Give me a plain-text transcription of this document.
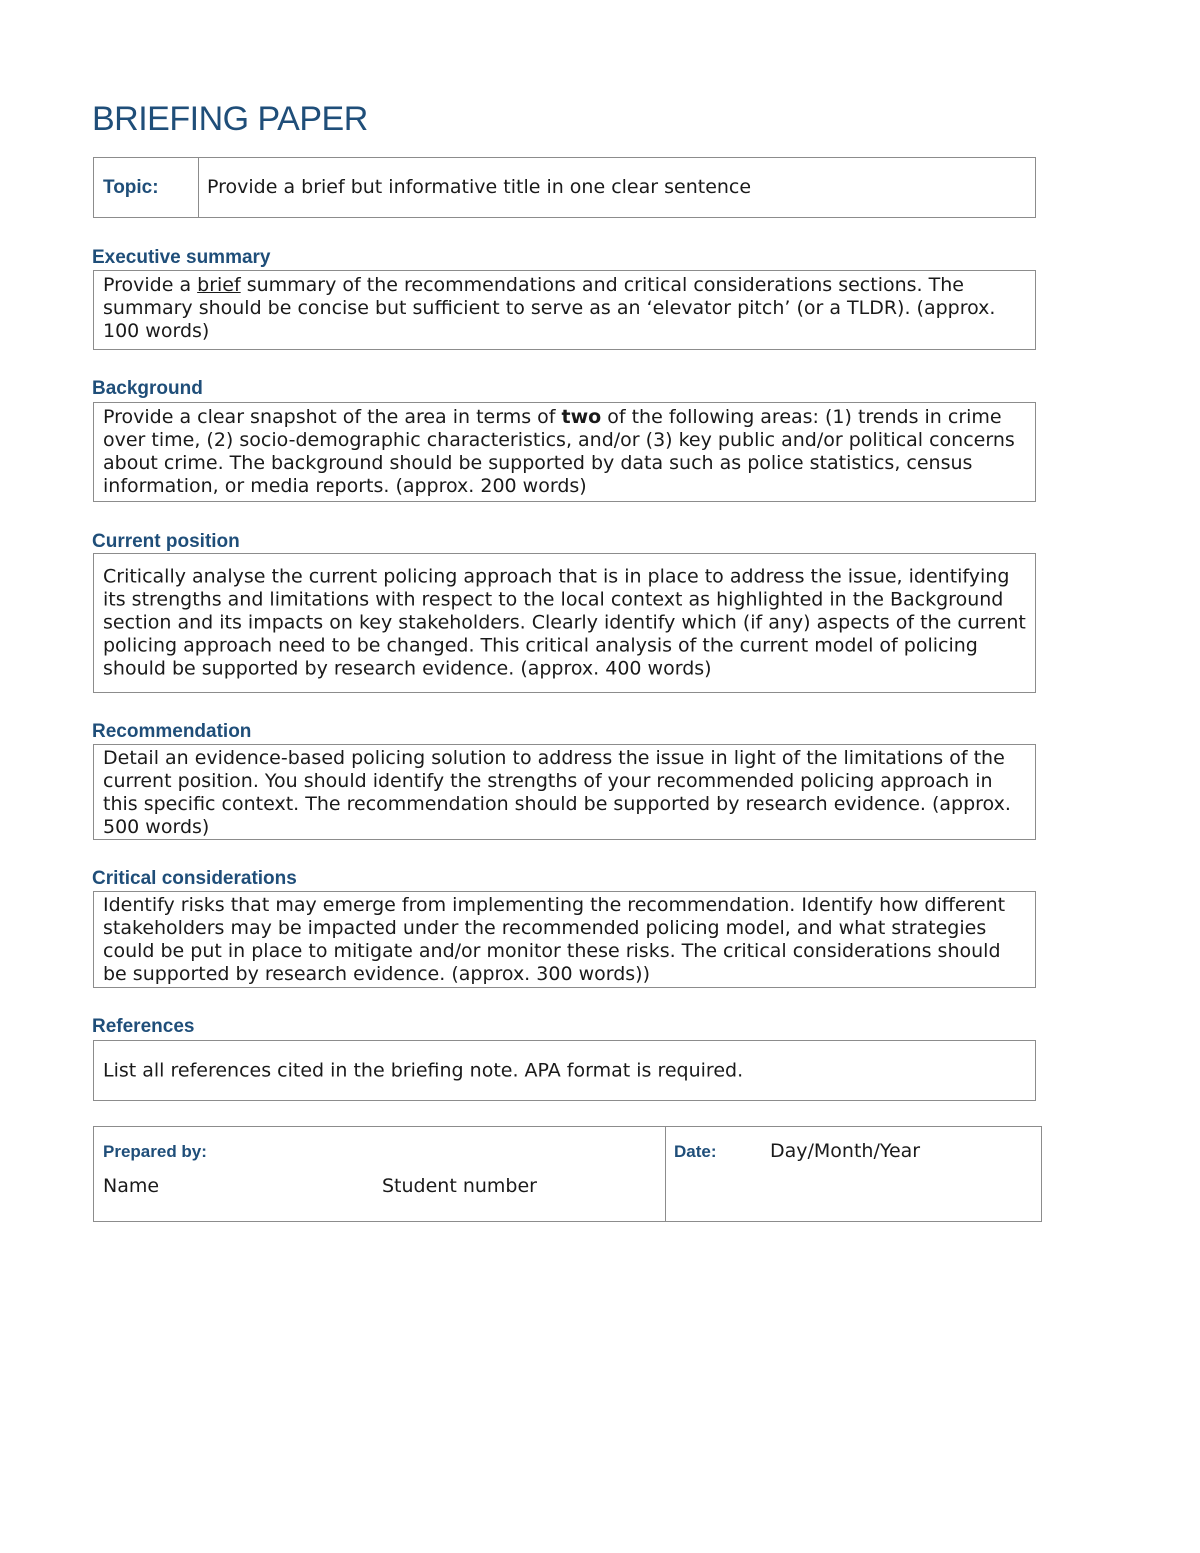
BRIEFING PAPER
Topic:	Provide a brief but informative title in one clear sentence
Executive summary

Provide a brief summary of the recommendations and critical considerations sections. The summary should be concise but sufficient to serve as an ‘elevator pitch’ (or a TLDR). (approx. 100 words)

Background

Provide a clear snapshot of the area in terms of two of the following areas: (1) trends in crime over time, (2) socio-demographic characteristics, and/or (3) key public and/or political concerns about crime. The background should be supported by data such as police statistics, census information, or media reports. (approx. 200 words)

Current position

Critically analyse the current policing approach that is in place to address the issue, identifying its strengths and limitations with respect to the local context as highlighted in the Background section and its impacts on key stakeholders. Clearly identify which (if any) aspects of the current policing approach need to be changed. This critical analysis of the current model of policing should be supported by research evidence. (approx. 400 words)

Recommendation

Detail an evidence-based policing solution to address the issue in light of the limitations of the current position. You should identify the strengths of your recommended policing approach in this specific context. The recommendation should be supported by research evidence. (approx. 500 words)

Critical considerations

Identify risks that may emerge from implementing the recommendation. Identify how different stakeholders may be impacted under the recommended policing model, and what strategies could be put in place to mitigate and/or monitor these risks. The critical considerations should be supported by research evidence. (approx. 300 words))

References

List all references cited in the briefing note. APA format is required.

Prepared by:
Name	Student number
Date:	Day/Month/Year
